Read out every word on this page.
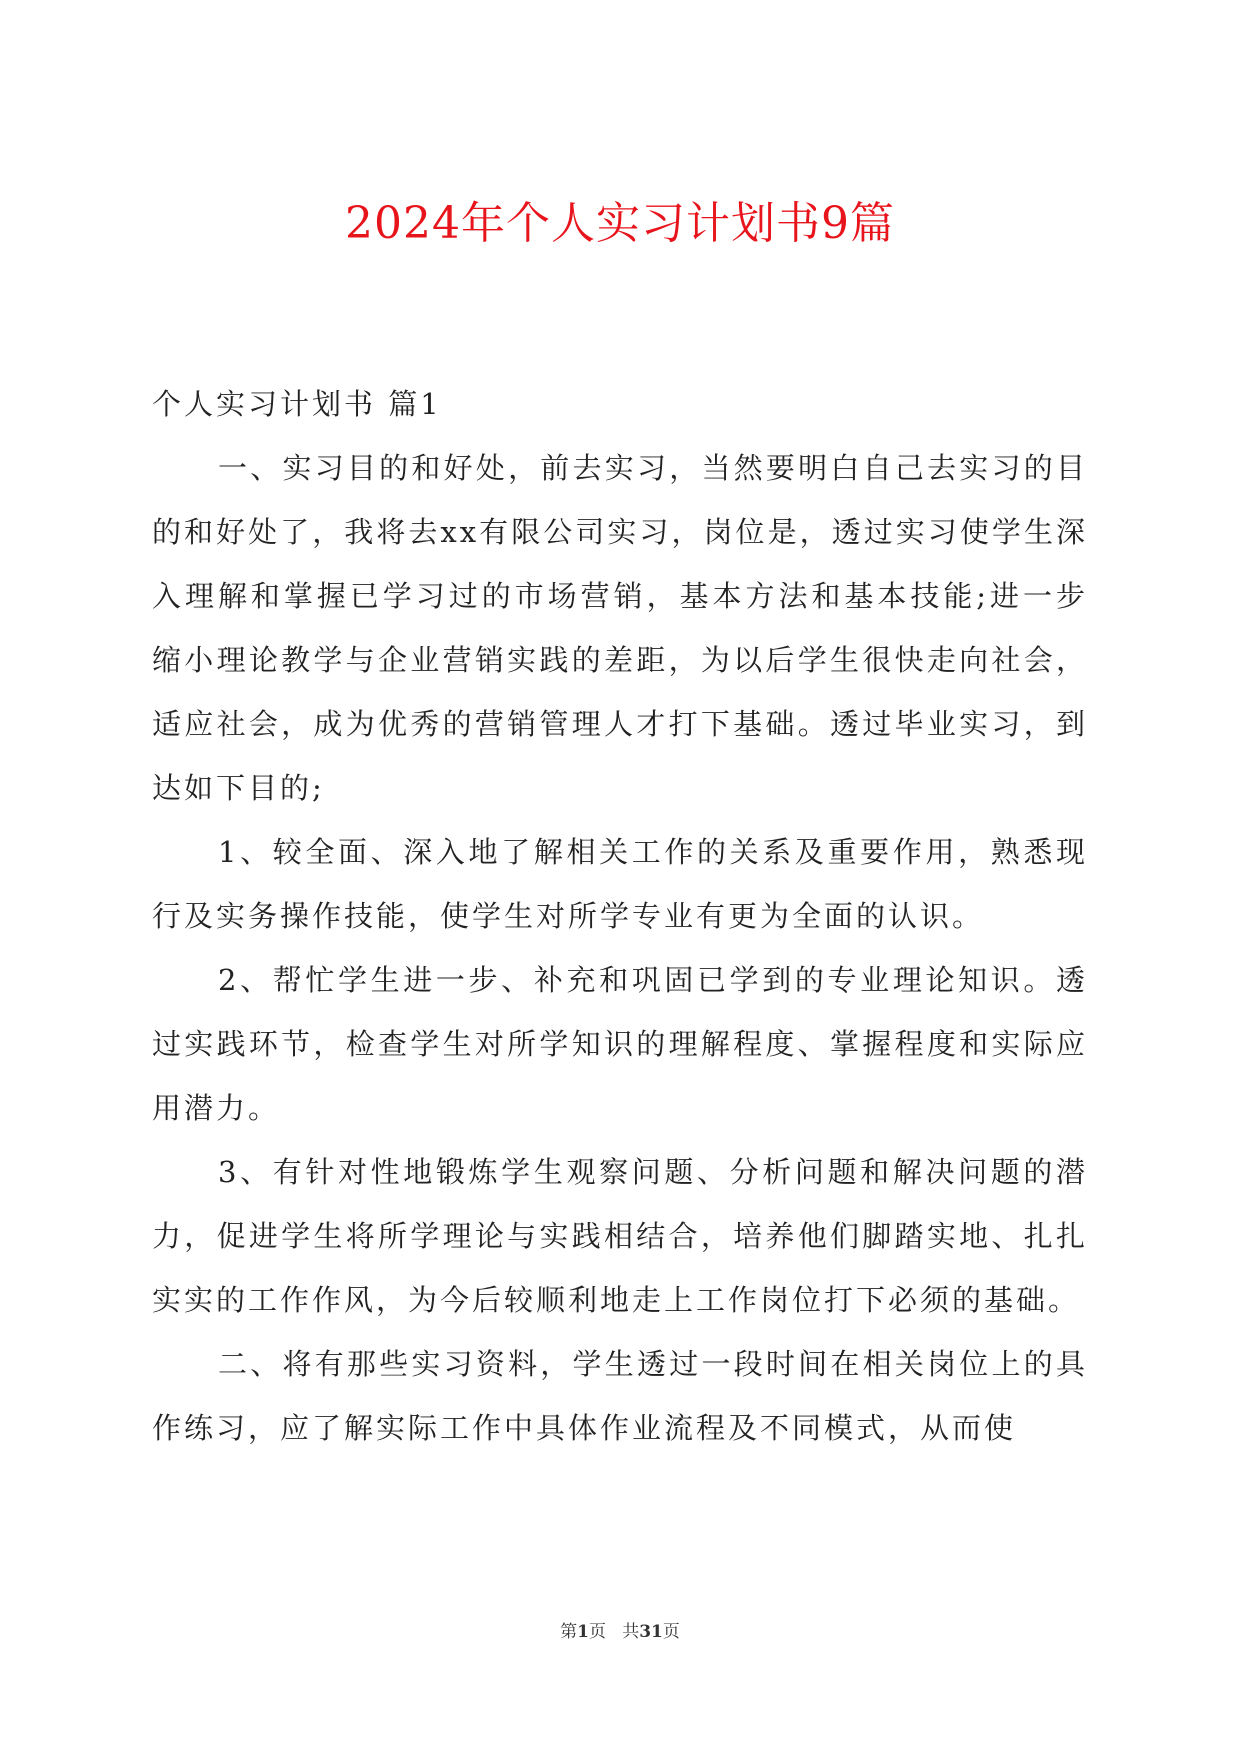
2024年个人实习计划书9篇

个人实习计划书 篇1

一、实习目的和好处，前去实习，当然要明白自己去实习的目的和好处了，我将去xx有限公司实习，岗位是，透过实习使学生深入理解和掌握已学习过的市场营销，基本方法和基本技能;进一步缩小理论教学与企业营销实践的差距，为以后学生很快走向社会，适应社会，成为优秀的营销管理人才打下基础。透过毕业实习，到达如下目的;

1、较全面、深入地了解相关工作的关系及重要作用，熟悉现行及实务操作技能，使学生对所学专业有更为全面的认识。

2、帮忙学生进一步、补充和巩固已学到的专业理论知识。透过实践环节，检查学生对所学知识的理解程度、掌握程度和实际应用潜力。

3、有针对性地锻炼学生观察问题、分析问题和解决问题的潜力，促进学生将所学理论与实践相结合，培养他们脚踏实地、扎扎实实的工作作风，为今后较顺利地走上工作岗位打下必须的基础。

二、将有那些实习资料，学生透过一段时间在相关岗位上的具作练习，应了解实际工作中具体作业流程及不同模式，从而使

第1页 共31页
